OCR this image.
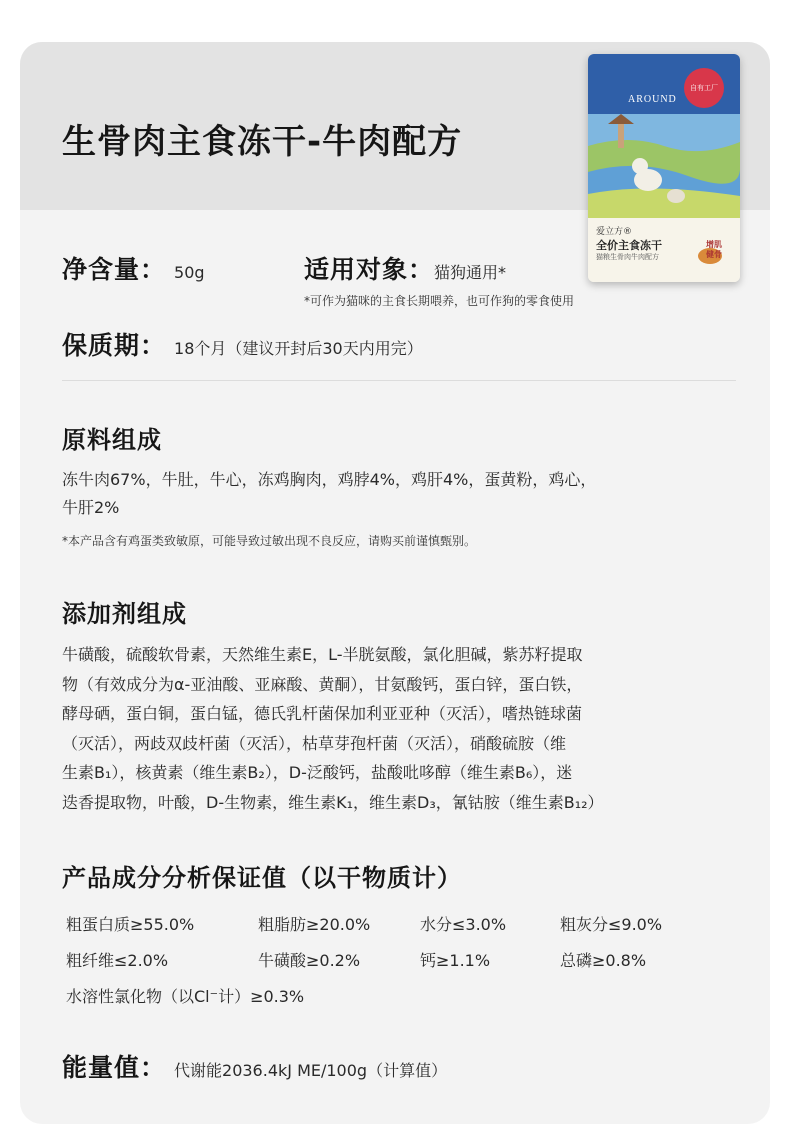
生骨肉主食冻干-牛肉配方
AROUND
自有工厂
爱立方®
全价主食冻干
猫粮生骨肉牛肉配方
增肌健骨
净含量： 50g	适用对象： 猫狗通用*
*可作为猫咪的主食长期喂养，也可作狗的零食使用
保质期： 18个月（建议开封后30天内用完）
原料组成
冻牛肉67%，牛肚，牛心，冻鸡胸肉，鸡脖4%，鸡肝4%，蛋黄粉，鸡心，
牛肝2%
*本产品含有鸡蛋类致敏原，可能导致过敏出现不良反应，请购买前谨慎甄别。
添加剂组成
牛磺酸，硫酸软骨素，天然维生素E，L-半胱氨酸，氯化胆碱，紫苏籽提取
物（有效成分为α-亚油酸、亚麻酸、黄酮），甘氨酸钙，蛋白锌，蛋白铁，
酵母硒，蛋白铜，蛋白锰，德氏乳杆菌保加利亚亚种（灭活），嗜热链球菌
（灭活），两歧双歧杆菌（灭活），枯草芽孢杆菌（灭活），硝酸硫胺（维
生素B₁），核黄素（维生素B₂），D-泛酸钙，盐酸吡哆醇（维生素B₆），迷
迭香提取物，叶酸，D-生物素，维生素K₁，维生素D₃，氰钴胺（维生素B₁₂）
产品成分分析保证值（以干物质计）
粗蛋白质≥55.0%	粗脂肪≥20.0%	水分≤3.0%	粗灰分≤9.0%
粗纤维≤2.0%	牛磺酸≥0.2%	钙≥1.1%	总磷≥0.8%
水溶性氯化物（以Cl⁻计）≥0.3%
能量值： 代谢能2036.4kJ ME/100g（计算值）
